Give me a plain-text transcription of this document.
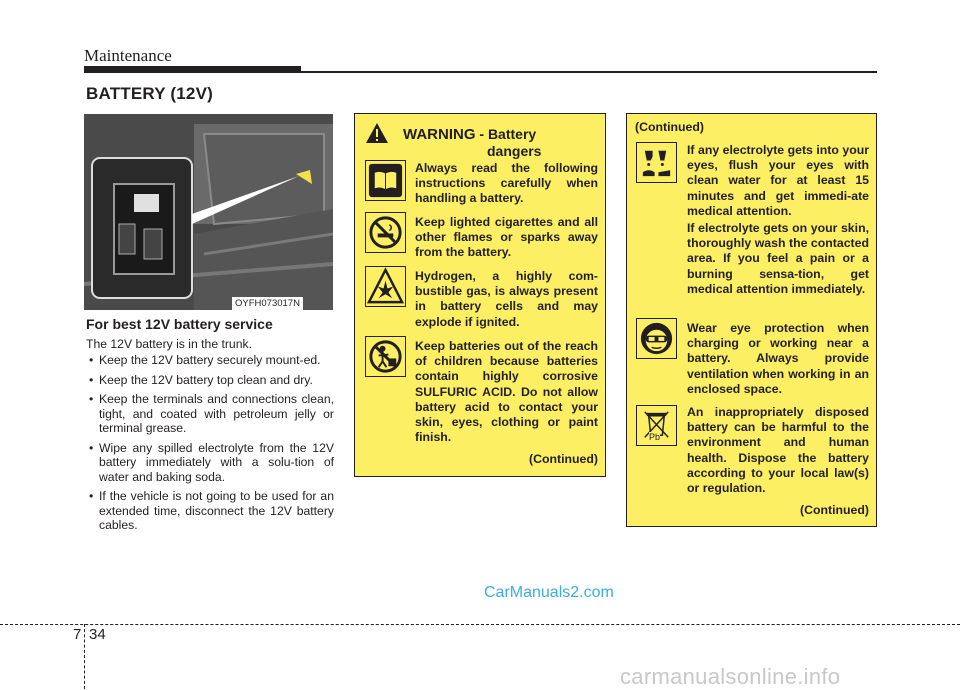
Maintenance
BATTERY (12V)
OYFH073017N
For best 12V battery service
The 12V battery is in the trunk.
• Keep the 12V battery securely mount-ed.
• Keep the 12V battery top clean and dry.
• Keep the terminals and connections clean, tight, and coated with petroleum jelly or terminal grease.
• Wipe any spilled electrolyte from the 12V battery immediately with a solu-tion of water and baking soda.
• If the vehicle is not going to be used for an extended time, disconnect the 12V battery cables.
WARNING - Battery
dangers
Always read the following instructions carefully when handling a battery.
Keep lighted cigarettes and all other flames or sparks away from the battery.
Hydrogen, a highly com-bustible gas, is always present in battery cells and may explode if ignited.
Keep batteries out of the reach of children because batteries contain highly corrosive SULFURIC ACID. Do not allow battery acid to contact your skin, eyes, clothing or paint finish.
(Continued)
(Continued)
If any electrolyte gets into your eyes, flush your eyes with clean water for at least 15 minutes and get immedi-ate medical attention.
If electrolyte gets on your skin, thoroughly wash the contacted area. If you feel a pain or a burning sensa-tion, get medical attention immediately.
Wear eye protection when charging or working near a battery. Always provide ventilation when working in an enclosed space.
Pb
An inappropriately disposed battery can be harmful to the environment and human health. Dispose the battery according to your local law(s) or regulation.
(Continued)
CarManuals2.com
7 34
carmanualsonline.info
